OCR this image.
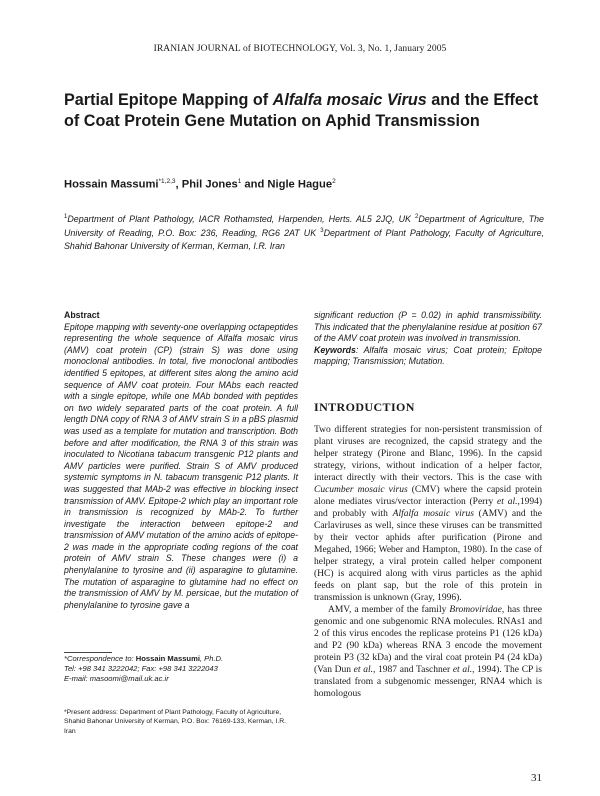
IRANIAN JOURNAL of BIOTECHNOLOGY, Vol. 3, No. 1, January 2005
Partial Epitope Mapping of Alfalfa mosaic Virus and the Effect of Coat Protein Gene Mutation on Aphid Transmission
Hossain Massumi$^{*1,2,3}$, Phil Jones$^1$ and Nigle Hague$^2$
$^1$Department of Plant Pathology, IACR Rothamsted, Harpenden, Herts. AL5 2JQ, UK $^2$Department of Agriculture, The University of Reading, P.O. Box: 236, Reading, RG6 2AT UK $^3$Department of Plant Pathology, Faculty of Agriculture, Shahid Bahonar University of Kerman, Kerman, I.R. Iran
Abstract
Epitope mapping with seventy-one overlapping octapeptides representing the whole sequence of Alfalfa mosaic virus (AMV) coat protein (CP) (strain S) was done using monoclonal antibodies. In total, five monoclonal antibodies identified 5 epitopes, at different sites along the amino acid sequence of AMV coat protein. Four MAbs each reacted with a single epitope, while one MAb bonded with peptides on two widely separated parts of the coat protein. A full length DNA copy of RNA 3 of AMV strain S in a pBS plasmid was used as a template for mutation and transcription. Both before and after modification, the RNA 3 of this strain was inoculated to Nicotiana tabacum transgenic P12 plants and AMV particles were purified. Strain S of AMV produced systemic symptoms in N. tabacum transgenic P12 plants. It was suggested that MAb-2 was effective in blocking insect transmission of AMV. Epitope-2 which play an important role in transmission is recognized by MAb-2. To further investigate the interaction between epitope-2 and transmission of AMV mutation of the amino acids of epitope-2 was made in the appropriate coding regions of the coat protein of AMV strain S. These changes were (i) a phenylalanine to tyrosine and (ii) asparagine to glutamine. The mutation of asparagine to glutamine had no effect on the transmission of AMV by M. persicae, but the mutation of phenylalanine to tyrosine gave a
significant reduction (P = 0.02) in aphid transmissibility. This indicated that the phenylalanine residue at position 67 of the AMV coat protein was involved in transmission.
Keywords: Alfalfa mosaic virus; Coat protein; Epitope mapping; Transmission; Mutation.
INTRODUCTION

Two different strategies for non-persistent transmission of plant viruses are recognized, the capsid strategy and the helper strategy (Pirone and Blanc, 1996). In the capsid strategy, virions, without indication of a helper factor, interact directly with their vectors. This is the case with Cucumber mosaic virus (CMV) where the capsid protein alone mediates virus/vector interaction (Perry et al.,1994) and probably with Alfalfa mosaic virus (AMV) and the Carlaviruses as well, since these viruses can be transmitted by their vector aphids after purification (Pirone and Megahed, 1966; Weber and Hampton, 1980). In the case of helper strategy, a viral protein called helper component (HC) is acquired along with virus particles as the aphid feeds on plant sap, but the role of this protein in transmission is unknown (Gray, 1996).

AMV, a member of the family Bromoviridae, has three genomic and one subgenomic RNA molecules. RNAs1 and 2 of this virus encodes the replicase proteins P1 (126 kDa) and P2 (90 kDa) whereas RNA 3 encode the movement protein P3 (32 kDa) and the viral coat protein P4 (24 kDa) (Van Dun et al., 1987 and Taschner et al., 1994). The CP is translated from a subgenomic messenger, RNA4 which is homologous

*Correspondence to: Hossain Massumi, Ph.D.
Tel: +98 341 3222042; Fax: +98 341 3222043
E-mail: masoomi@mail.uk.ac.ir
*Present address: Department of Plant Pathology, Faculty of Agriculture, Shahid Bahonar University of Kerman, P.O. Box: 76169-133, Kerman, I.R. Iran
31
